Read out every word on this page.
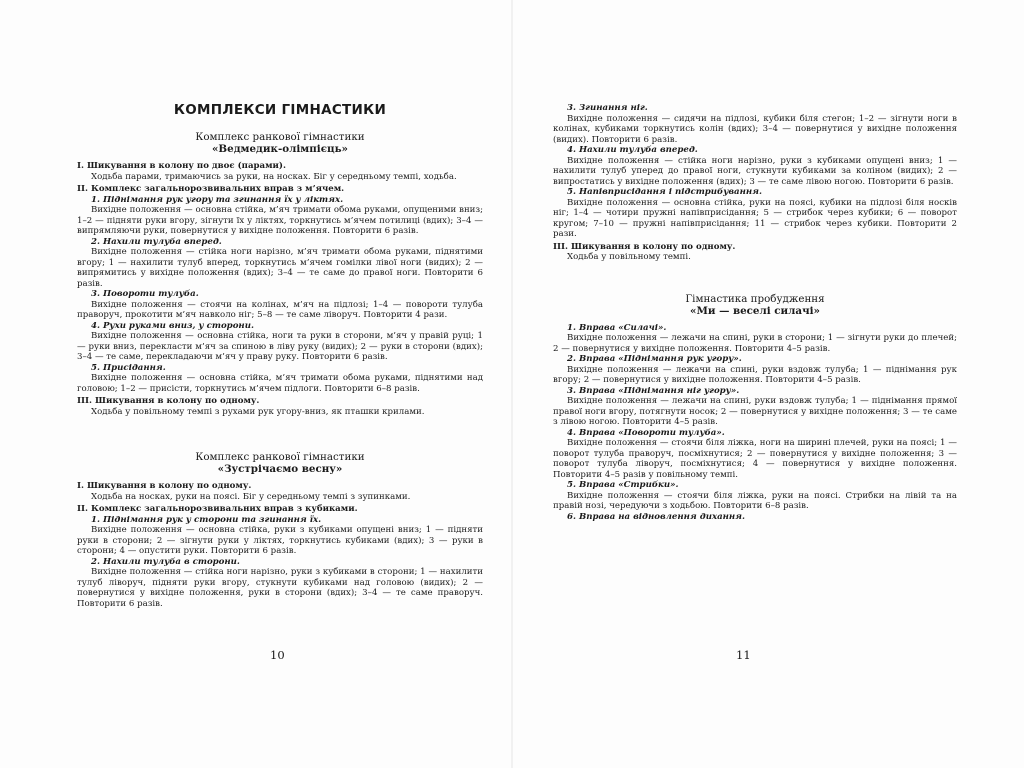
КОМПЛЕКСИ ГІМНАСТИКИ
Комплекс ранкової гімнастики
«Ведмедик-олімпієць»
I. Шикування в колону по двоє (парами).
Ходьба парами, тримаючись за руки, на носках. Біг у середньому темпі, ходьба.
II. Комплекс загальнорозвивальних вправ з м’ячем.
1. Піднімання рук угору та згинання їх у ліктях.
Вихідне положення — основна стійка, м’яч тримати обома руками, опущеними вниз; 1–2 — підняти руки вгору, зігнути їх у ліктях, торкнутись м’ячем потилиці (вдих); 3–4 — випрямляючи руки, повернутися у вихідне положення. Повторити 6 разів.
2. Нахили тулуба вперед.
Вихідне положення — стійка ноги нарізно, м’яч тримати обома руками, піднятими вгору; 1 — нахилити тулуб вперед, торкнутись м’ячем гомілки лівої ноги (видих); 2 — випрямитись у вихідне положення (вдих); 3–4 — те саме до правої ноги. Повторити 6 разів.
3. Повороти тулуба.
Вихідне положення — стоячи на колінах, м’яч на підлозі; 1–4 — повороти тулуба праворуч, прокотити м’яч навколо ніг; 5–8 — те саме ліворуч. Повторити 4 рази.
4. Рухи руками вниз, у сторони.
Вихідне положення — основна стійка, ноги та руки в сторони, м’яч у правій руці; 1 — руки вниз, перекласти м’яч за спиною в ліву руку (видих); 2 — руки в сторони (вдих); 3–4 — те саме, перекладаючи м’яч у праву руку. Повторити 6 разів.
5. Присідання.
Вихідне положення — основна стійка, м’яч тримати обома руками, піднятими над головою; 1–2 — присісти, торкнутись м’ячем підлоги. Повторити 6–8 разів.
III. Шикування в колону по одному.
Ходьба у повільному темпі з рухами рук угору-вниз, як пташки крилами.
Комплекс ранкової гімнастики
«Зустрічаємо весну»
I. Шикування в колону по одному.
Ходьба на носках, руки на поясі. Біг у середньому темпі з зупинками.
II. Комплекс загальнорозвивальних вправ з кубиками.
1. Піднімання рук у сторони та згинання їх.
Вихідне положення — основна стійка, руки з кубиками опущені вниз; 1 — підняти руки в сторони; 2 — зігнути руки у ліктях, торкнутись кубиками (вдих); 3 — руки в сторони; 4 — опустити руки. Повторити 6 разів.
2. Нахили тулуба в сторони.
Вихідне положення — стійка ноги нарізно, руки з кубиками в сторони; 1 — нахилити тулуб ліворуч, підняти руки вгору, стукнути кубиками над головою (видих); 2 — повернутися у вихідне положення, руки в сторони (вдих); 3–4 — те саме праворуч. Повторити 6 разів.
10
3. Згинання ніг.
Вихідне положення — сидячи на підлозі, кубики біля стегон; 1–2 — зігнути ноги в колінах, кубиками торкнутись колін (вдих); 3–4 — повернутися у вихідне положення (видих). Повторити 6 разів.
4. Нахили тулуба вперед.
Вихідне положення — стійка ноги нарізно, руки з кубиками опущені вниз; 1 — нахилити тулуб уперед до правої ноги, стукнути кубиками за коліном (видих); 2 — випростатись у вихідне положення (вдих); 3 — те саме лівою ногою. Повторити 6 разів.
5. Напівприсідання і підстрибування.
Вихідне положення — основна стійка, руки на поясі, кубики на підлозі біля носків ніг; 1–4 — чотири пружні напівприсідання; 5 — стрибок через кубики; 6 — поворот кругом; 7–10 — пружні напівприсідання; 11 — стрибок через кубики. Повторити 2 рази.
III. Шикування в колону по одному.
Ходьба у повільному темпі.
Гімнастика пробудження
«Ми — веселі силачі»
1. Вправа «Силачі».
Вихідне положення — лежачи на спині, руки в сторони; 1 — зігнути руки до плечей; 2 — повернутися у вихідне положення. Повторити 4–5 разів.
2. Вправа «Піднімання рук угору».
Вихідне положення — лежачи на спині, руки вздовж тулуба; 1 — піднімання рук вгору; 2 — повернутися у вихідне положення. Повторити 4–5 разів.
3. Вправа «Піднімання ніг угору».
Вихідне положення — лежачи на спині, руки вздовж тулуба; 1 — піднімання прямої правої ноги вгору, потягнути носок; 2 — повернутися у вихідне положення; 3 — те саме з лівою ногою. Повторити 4–5 разів.
4. Вправа «Повороти тулуба».
Вихідне положення — стоячи біля ліжка, ноги на ширині плечей, руки на поясі; 1 — поворот тулуба праворуч, посміхнутися; 2 — повернутися у вихідне положення; 3 — поворот тулуба ліворуч, посміхнутися; 4 — повернутися у вихідне положення. Повторити 4–5 разів у повільному темпі.
5. Вправа «Стрибки».
Вихідне положення — стоячи біля ліжка, руки на поясі. Стрибки на лівій та на правій нозі, чередуючи з ходьбою. Повторити 6–8 разів.
6. Вправа на відновлення дихання.
11
